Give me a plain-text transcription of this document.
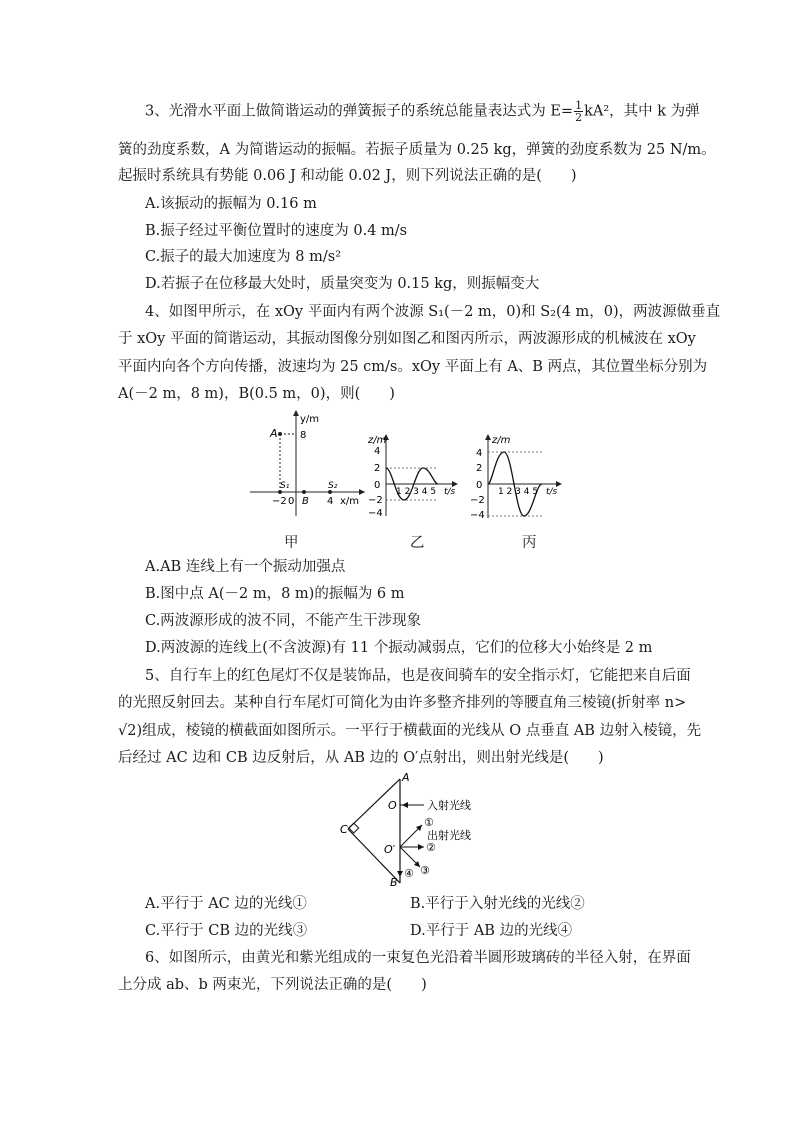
3、光滑水平面上做简谐运动的弹簧振子的系统总能量表达式为 $E= \frac{1}{2} kA^2$，其中 k 为弹
簧的劲度系数，A 为简谐运动的振幅。若振子质量为 0.25 kg，弹簧的劲度系数为 25 N/m。
起振时系统具有势能 0.06 J 和动能 0.02 J，则下列说法正确的是(　　)
A.该振动的振幅为 0.16 m
B.振子经过平衡位置时的速度为 0.4 m/s
C.振子的最大加速度为 8 m/s²
D.若振子在位移最大处时，质量突变为 0.15 kg，则振幅变大
4、如图甲所示，在 xOy 平面内有两个波源 S₁(－2 m，0)和 S₂(4 m，0)，两波源做垂直
于 xOy 平面的简谐运动，其振动图像分别如图乙和图丙所示，两波源形成的机械波在 xOy
平面内向各个方向传播，波速均为 25 cm/s。xOy 平面上有 A、B 两点，其位置坐标分别为
A(－2 m，8 m)，B(0.5 m，0)，则(　　)
A
y/m
8
S₁	S₂
−2 0 B 4 x/m
z/m
4
2
0
−2
−4
1 2 3 4 5 t/s
z/m
4
2
0
−2
−4
1 2 3 4 5 t/s
甲	乙	丙
A.AB 连线上有一个振动加强点
B.图中点 A(－2 m，8 m)的振幅为 6 m
C.两波源形成的波不同，不能产生干涉现象
D.两波源的连线上(不含波源)有 11 个振动减弱点，它们的位移大小始终是 2 m
5、自行车上的红色尾灯不仅是装饰品，也是夜间骑车的安全指示灯，它能把来自后面
的光照反射回去。某种自行车尾灯可简化为由许多整齐排列的等腰直角三棱镜(折射率 n>
√2)组成，棱镜的横截面如图所示。一平行于横截面的光线从 O 点垂直 AB 边射入棱镜，先
后经过 AC 边和 CB 边反射后，从 AB 边的 O′点射出，则出射光线是(　　)
A
B
C
O
O′
入射光线
①
出射光线
②
③
④
A.平行于 AC 边的光线①	B.平行于入射光线的光线②
C.平行于 CB 边的光线③	D.平行于 AB 边的光线④
6、如图所示，由黄光和紫光组成的一束复色光沿着半圆形玻璃砖的半径入射，在界面
上分成 ab、b 两束光，下列说法正确的是(　　)
